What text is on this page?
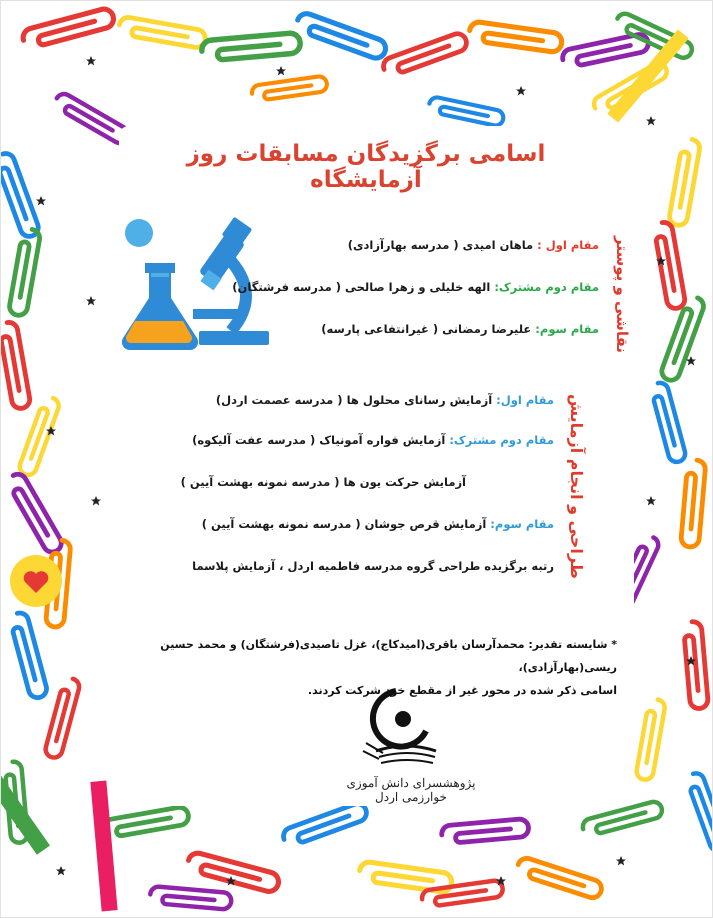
اسامی برگزیدگان مسابقات روز آزمایشگاه
نقاشی و پوستر
مقام اول : ماهان امیدی ( مدرسه بهارآزادی)
مقام دوم مشترک: الهه خلیلی و زهرا صالحی ( مدرسه فرشتگان)
مقام سوم: علیرضا رمضانی ( غیرانتفاعی پارسه)
طراحی و انجام آزمایش
مقام اول: آزمایش رسانای محلول ها ( مدرسه عصمت اردل)
مقام دوم مشترک: آزمایش فواره آمونیاک ( مدرسه عفت آلیکوه)
آزمایش حرکت یون ها ( مدرسه نمونه بهشت آیین )
مقام سوم: آزمایش قرص جوشان ( مدرسه نمونه بهشت آیین )
رتبه برگزیده طراحی گروه مدرسه فاطمیه اردل ، آزمایش پلاسما
* شایسته تقدیر: محمدآرسان باقری(امیدکاج)، غزل تاصیدی(فرشتگان) و محمد حسین ریسی(بهارآزادی)،
اسامی ذکر شده در محور غیر از مقطع خود شرکت کردند.
پژوهشسرای دانش آموزی خوارزمی اردل
